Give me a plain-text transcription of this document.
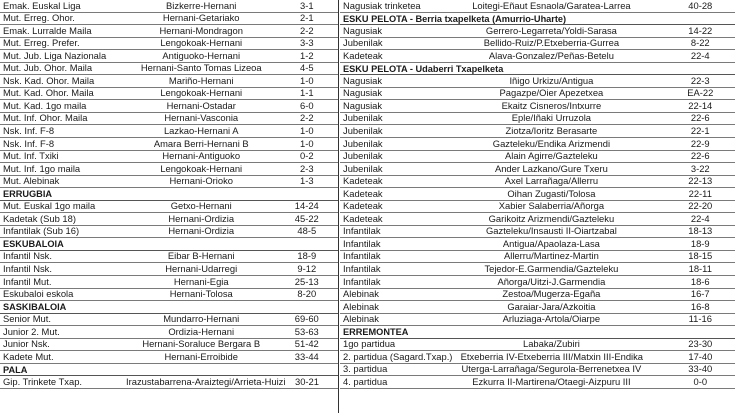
Emak. Euskal Liga	Bizkerre-Hernani	3-1
Mut. Erreg. Ohor.	Hernani-Getariako	2-1
Emak. Lurralde Maila	Hernani-Mondragon	2-2
Mut. Erreg. Prefer.	Lengokoak-Hernani	3-3
Mut. Jub. Liga Nazionala	Antiguoko-Hernani	1-2
Mut. Jub. Ohor. Maila	Hernani-Santo Tomas Lizeoa	4-5
Nsk. Kad. Ohor. Maila	Mariño-Hernani	1-0
Mut. Kad. Ohor. Maila	Lengokoak-Hernani	1-1
Mut. Kad. 1go maila	Hernani-Ostadar	6-0
Mut. Inf. Ohor. Maila	Hernani-Vasconia	2-2
Nsk. Inf. F-8	Lazkao-Hernani A	1-0
Nsk. Inf. F-8	Amara Berri-Hernani B	1-0
Mut. Inf. Txiki	Hernani-Antiguoko	0-2
Mut. Inf. 1go maila	Lengokoak-Hernani	2-3
Mut. Alebinak	Hernani-Orioko	1-3
ERRUGBIA
Mut. Euskal 1go maila	Getxo-Hernani	14-24
Kadetak (Sub 18)	Hernani-Ordizia	45-22
Infantilak (Sub 16)	Hernani-Ordizia	48-5
ESKUBALOIA
Infantil Nsk.	Eibar B-Hernani	18-9
Infantil Nsk.	Hernani-Udarregi	9-12
Infantil Mut.	Hernani-Egia	25-13
Eskubaloi eskola	Hernani-Tolosa	8-20
SASKIBALOIA
Senior Mut.	Mundarro-Hernani	69-60
Junior 2. Mut.	Ordizia-Hernani	53-63
Junior Nsk.	Hernani-Soraluce Bergara B	51-42
Kadete Mut.	Hernani-Erroibide	33-44
PALA
Gip. Trinkete Txap.	Irazustabarrena-Araiztegi/Arrieta-Huizi	30-21
Nagusiak trinketea	Loitegi-Eñaut Esnaola/Garatea-Larrea	40-28
ESKU PELOTA - Berria txapelketa (Amurrio-Uharte)
Nagusiak	Gerrero-Legarreta/Yoldi-Sarasa	14-22
Jubenilak	Bellido-Ruiz/P.Etxeberria-Gurrea	8-22
Kadeteak	Alava-Gonzalez/Peñas-Betelu	22-4
ESKU PELOTA - Udaberri Txapelketa
Nagusiak	Iñigo Urkizu/Antigua	22-3
Nagusiak	Pagazpe/Oier Apezetxea	EA-22
Nagusiak	Ekaitz Cisneros/Intxurre	22-14
Jubenilak	Eple/Iñaki Urruzola	22-6
Jubenilak	Ziotza/Ioritz Berasarte	22-1
Jubenilak	Gazteleku/Endika Arizmendi	22-9
Jubenilak	Alain Agirre/Gazteleku	22-6
Jubenilak	Ander Lazkano/Gure Txeru	3-22
Kadeteak	Axel Larrañaga/Allerru	22-13
Kadeteak	Oihan Zugasti/Tolosa	22-11
Kadeteak	Xabier Salaberria/Añorga	22-20
Kadeteak	Garikoitz Arizmendi/Gazteleku	22-4
Infantilak	Gazteleku/Insausti II-Oiartzabal	18-13
Infantilak	Antigua/Apaolaza-Lasa	18-9
Infantilak	Allerru/Martinez-Martin	18-15
Infantilak	Tejedor-E.Garmendia/Gazteleku	18-11
Infantilak	Añorga/Uitzi-J.Garmendia	18-6
Alebinak	Zestoa/Mugerza-Egaña	16-7
Alebinak	Garaiar-Jara/Azkoitia	16-8
Alebinak	Arluziaga-Artola/Oiarpe	11-16
ERREMONTEA
1go partidua	Labaka/Zubiri	23-30
2. partidua (Sagard.Txap.) Etxeberria IV-Etxeberria III/Matxin III-Endika	17-40
3. partidua	Uterga-Larrañaga/Segurola-Berrenetxea IV	33-40
4. partidua	Ezkurra II-Martirena/Otaegi-Aizpuru III	0-0
